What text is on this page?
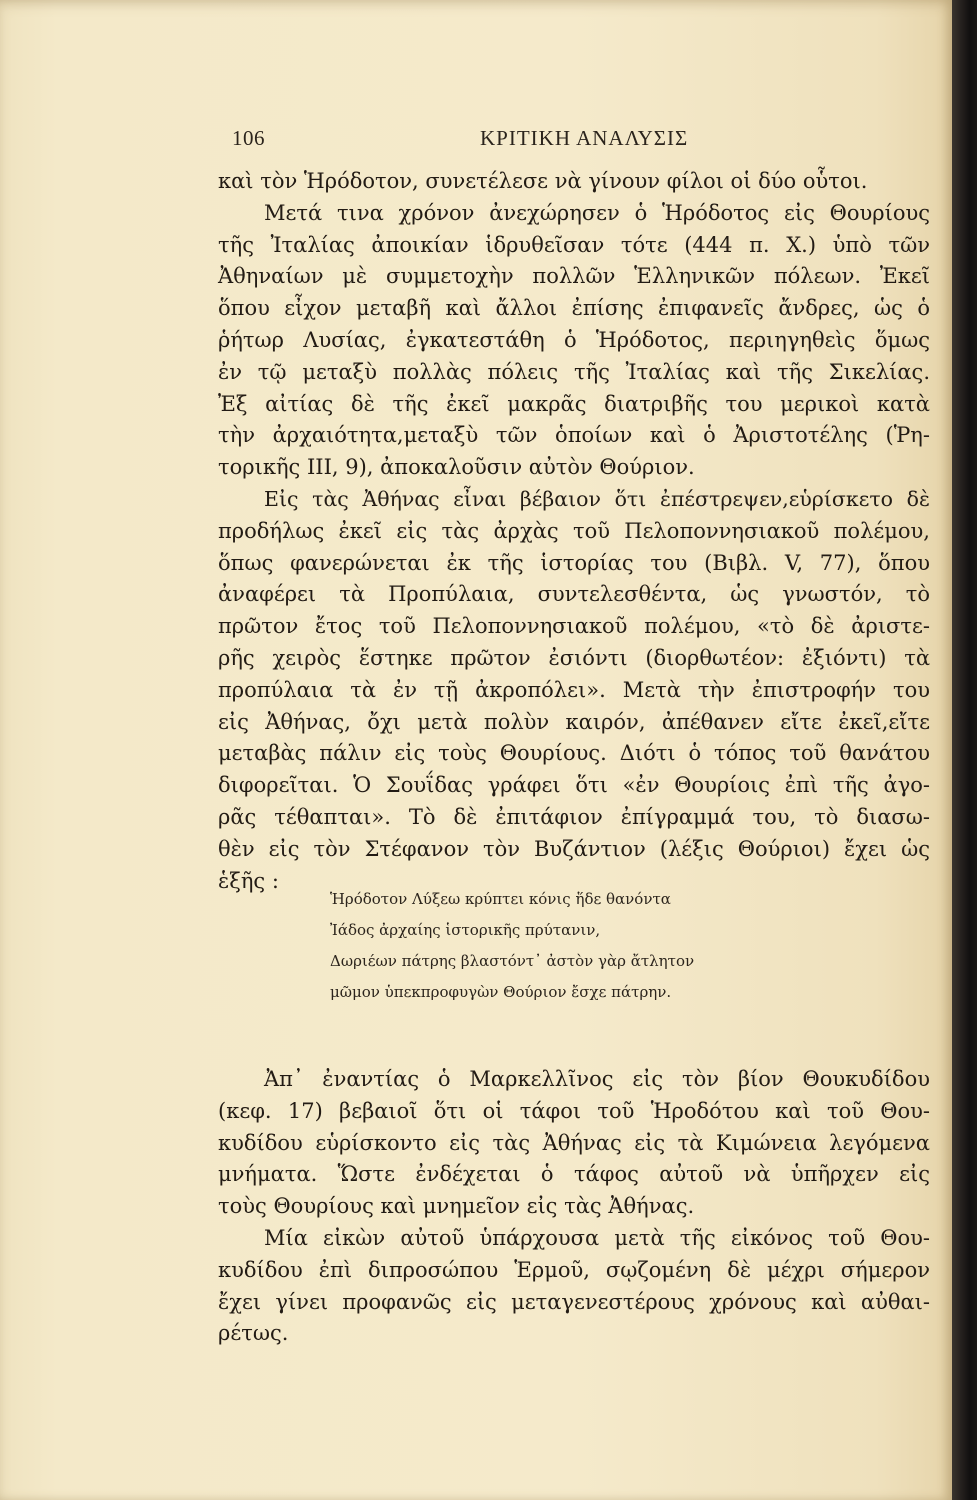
106	ΚΡΙΤΙΚΗ ΑΝΑΛΥΣΙΣ
καὶ τὸν Ἡρόδοτον, συνετέλεσε νὰ γίνουν φίλοι οἱ δύο οὗτοι.
Μετά τινα χρόνον ἀνεχώρησεν ὁ Ἡρόδοτος εἰς Θουρίους
τῆς Ἰταλίας ἀποικίαν ἱδρυθεῖσαν τότε (444 π. Χ.) ὑπὸ τῶν
Ἀθηναίων μὲ συμμετοχὴν πολλῶν Ἑλληνικῶν πόλεων. Ἐκεῖ
ὅπου εἶχον μεταβῆ καὶ ἄλλοι ἐπίσης ἐπιφανεῖς ἄνδρες, ὡς ὁ
ῥήτωρ Λυσίας, ἐγκατεστάθη ὁ Ἡρόδοτος, περιηγηθεὶς ὅμως
ἐν τῷ μεταξὺ πολλὰς πόλεις τῆς Ἰταλίας καὶ τῆς Σικελίας.
Ἐξ αἰτίας δὲ τῆς ἐκεῖ μακρᾶς διατριβῆς του μερικοὶ κατὰ
τὴν ἀρχαιότητα,μεταξὺ τῶν ὁποίων καὶ ὁ Ἀριστοτέλης (Ῥη-
τορικῆς III, 9), ἀποκαλοῦσιν αὐτὸν Θούριον.
Εἰς τὰς Ἀθήνας εἶναι βέβαιον ὅτι ἐπέστρεψεν,εὑρίσκετο δὲ
προδήλως ἐκεῖ εἰς τὰς ἀρχὰς τοῦ Πελοποννησιακοῦ πολέμου,
ὅπως φανερώνεται ἐκ τῆς ἱστορίας του (Βιβλ. V, 77), ὅπου
ἀναφέρει τὰ Προπύλαια, συντελεσθέντα, ὡς γνωστόν, τὸ
πρῶτον ἔτος τοῦ Πελοποννησιακοῦ πολέμου, «τὸ δὲ ἀριστε-
ρῆς χειρὸς ἕστηκε πρῶτον ἐσιόντι (διορθωτέον: ἐξιόντι) τὰ
προπύλαια τὰ ἐν τῇ ἀκροπόλει». Μετὰ τὴν ἐπιστροφήν του
εἰς Ἀθήνας, ὄχι μετὰ πολὺν καιρόν, ἀπέθανεν εἴτε ἐκεῖ,εἴτε
μεταβὰς πάλιν εἰς τοὺς Θουρίους. Διότι ὁ τόπος τοῦ θανάτου
διφορεῖται. Ὁ Σουΐδας γράφει ὅτι «ἐν Θουρίοις ἐπὶ τῆς ἀγο-
ρᾶς τέθαπται». Τὸ δὲ ἐπιτάφιον ἐπίγραμμά του, τὸ διασω-
θὲν εἰς τὸν Στέφανον τὸν Βυζάντιον (λέξις Θούριοι) ἔχει ὡς
ἑξῆς :
Ἡρόδοτον Λύξεω κρύπτει κόνις ἥδε θανόντα
Ἰάδος ἀρχαίης ἱστορικῆς πρύτανιν,
Δωριέων πάτρης βλαστόντ᾽ ἀστὸν γὰρ ἄτλητον
μῶμον ὑπεκπροφυγὼν Θούριον ἔσχε πάτρην.
Ἀπ᾽ ἐναντίας ὁ Μαρκελλῖνος εἰς τὸν βίον Θουκυδίδου
(κεφ. 17) βεβαιοῖ ὅτι οἱ τάφοι τοῦ Ἡροδότου καὶ τοῦ Θου-
κυδίδου εὑρίσκοντο εἰς τὰς Ἀθήνας εἰς τὰ Κιμώνεια λεγόμενα
μνήματα. Ὥστε ἐνδέχεται ὁ τάφος αὐτοῦ νὰ ὑπῆρχεν εἰς
τοὺς Θουρίους καὶ μνημεῖον εἰς τὰς Ἀθήνας.
Μία εἰκὼν αὐτοῦ ὑπάρχουσα μετὰ τῆς εἰκόνος τοῦ Θου-
κυδίδου ἐπὶ διπροσώπου Ἑρμοῦ, σῳζομένη δὲ μέχρι σήμερον
ἔχει γίνει προφανῶς εἰς μεταγενεστέρους χρόνους καὶ αὐθαι-
ρέτως.
